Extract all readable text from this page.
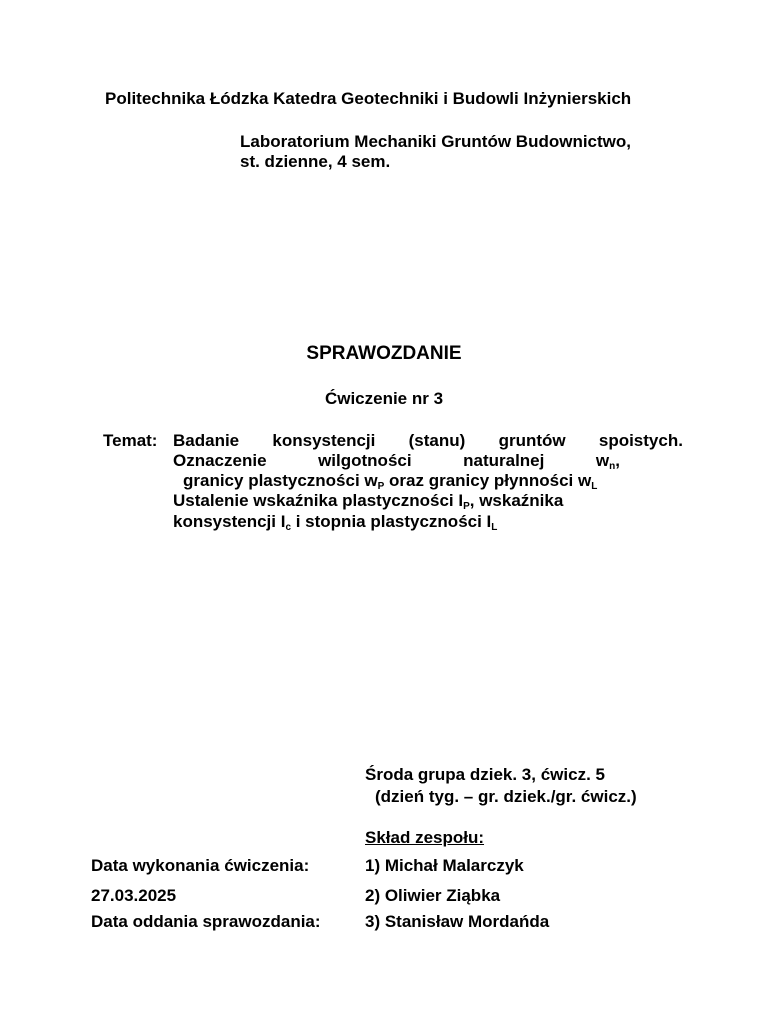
Politechnika Łódzka Katedra Geotechniki i Budowli Inżynierskich
Laboratorium Mechaniki Gruntów Budownictwo,
st. dzienne, 4 sem.
SPRAWOZDANIE
Ćwiczenie nr 3
Temat: Badanie konsystencji (stanu) gruntów spoistych.
Oznaczenie	wilgotności	naturalnej	$w_n$,
granicy plastyczności $w_P$ oraz granicy płynności $w_L$
Ustalenie wskaźnika plastyczności $I_P$, wskaźnika
konsystencji $I_c$ i stopnia plastyczności $I_L$
Środa grupa dziek. 3, ćwicz. 5
(dzień tyg. – gr. dziek./gr. ćwicz.)
Skład zespołu:
1) Michał Malarczyk
2) Oliwier Ziąbka
3) Stanisław Mordańda
Data wykonania ćwiczenia:
27.03.2025
Data oddania sprawozdania:
